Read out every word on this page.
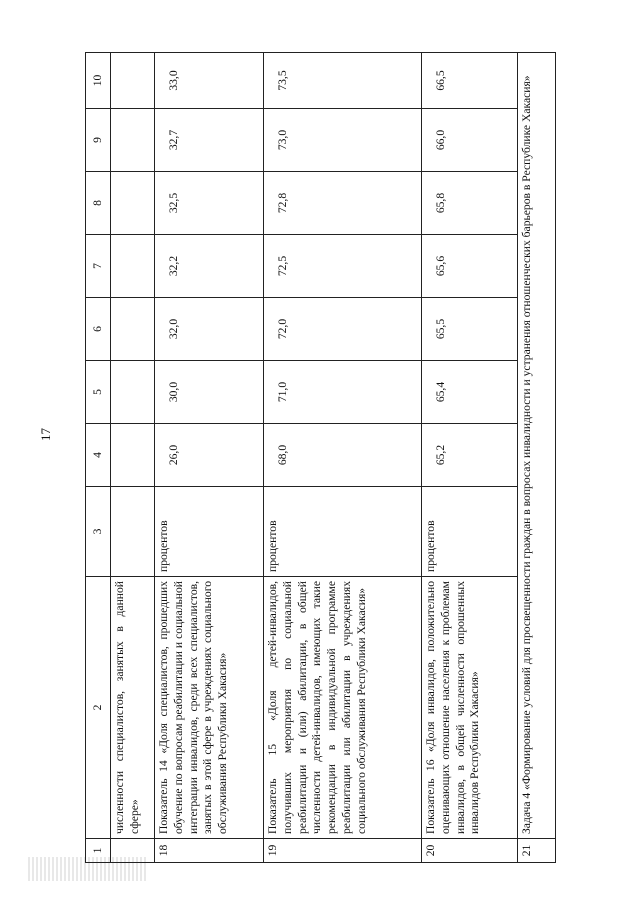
17
1	2	3	4	5	6	7	8	9	10
	численности специалистов, занятых в данной сфере»								
18	Показатель 14 «Доля специалистов, прошедших обучение по вопросам реабилитации и социальной интеграции инвалидов, среди всех специалистов, занятых в этой сфере в учреждениях социального обслуживания Республики Хакасия»	процентов	26,0	30,0	32,0	32,2	32,5	32,7	33,0
19	Показатель 15 «Доля детей-инвалидов, получивших мероприятия по социальной реабилитации и (или) абилитации, в общей численности детей-инвалидов, имеющих такие рекомендации в индивидуальной программе реабилитации или абилитации в учреждениях социального обслуживания Республики Хакасия»	процентов	68,0	71,0	72,0	72,5	72,8	73,0	73,5
20	Показатель 16 «Доля инвалидов, положительно оценивающих отношение населения к проблемам инвалидов, в общей численности опрошенных инвалидов Республики Хакасия»	процентов	65,2	65,4	65,5	65,6	65,8	66,0	66,5
21	Задача 4 «Формирование условий для просвещенности граждан в вопросах инвалидности и устранения отношенческих барьеров в Республике Хакасия»								
